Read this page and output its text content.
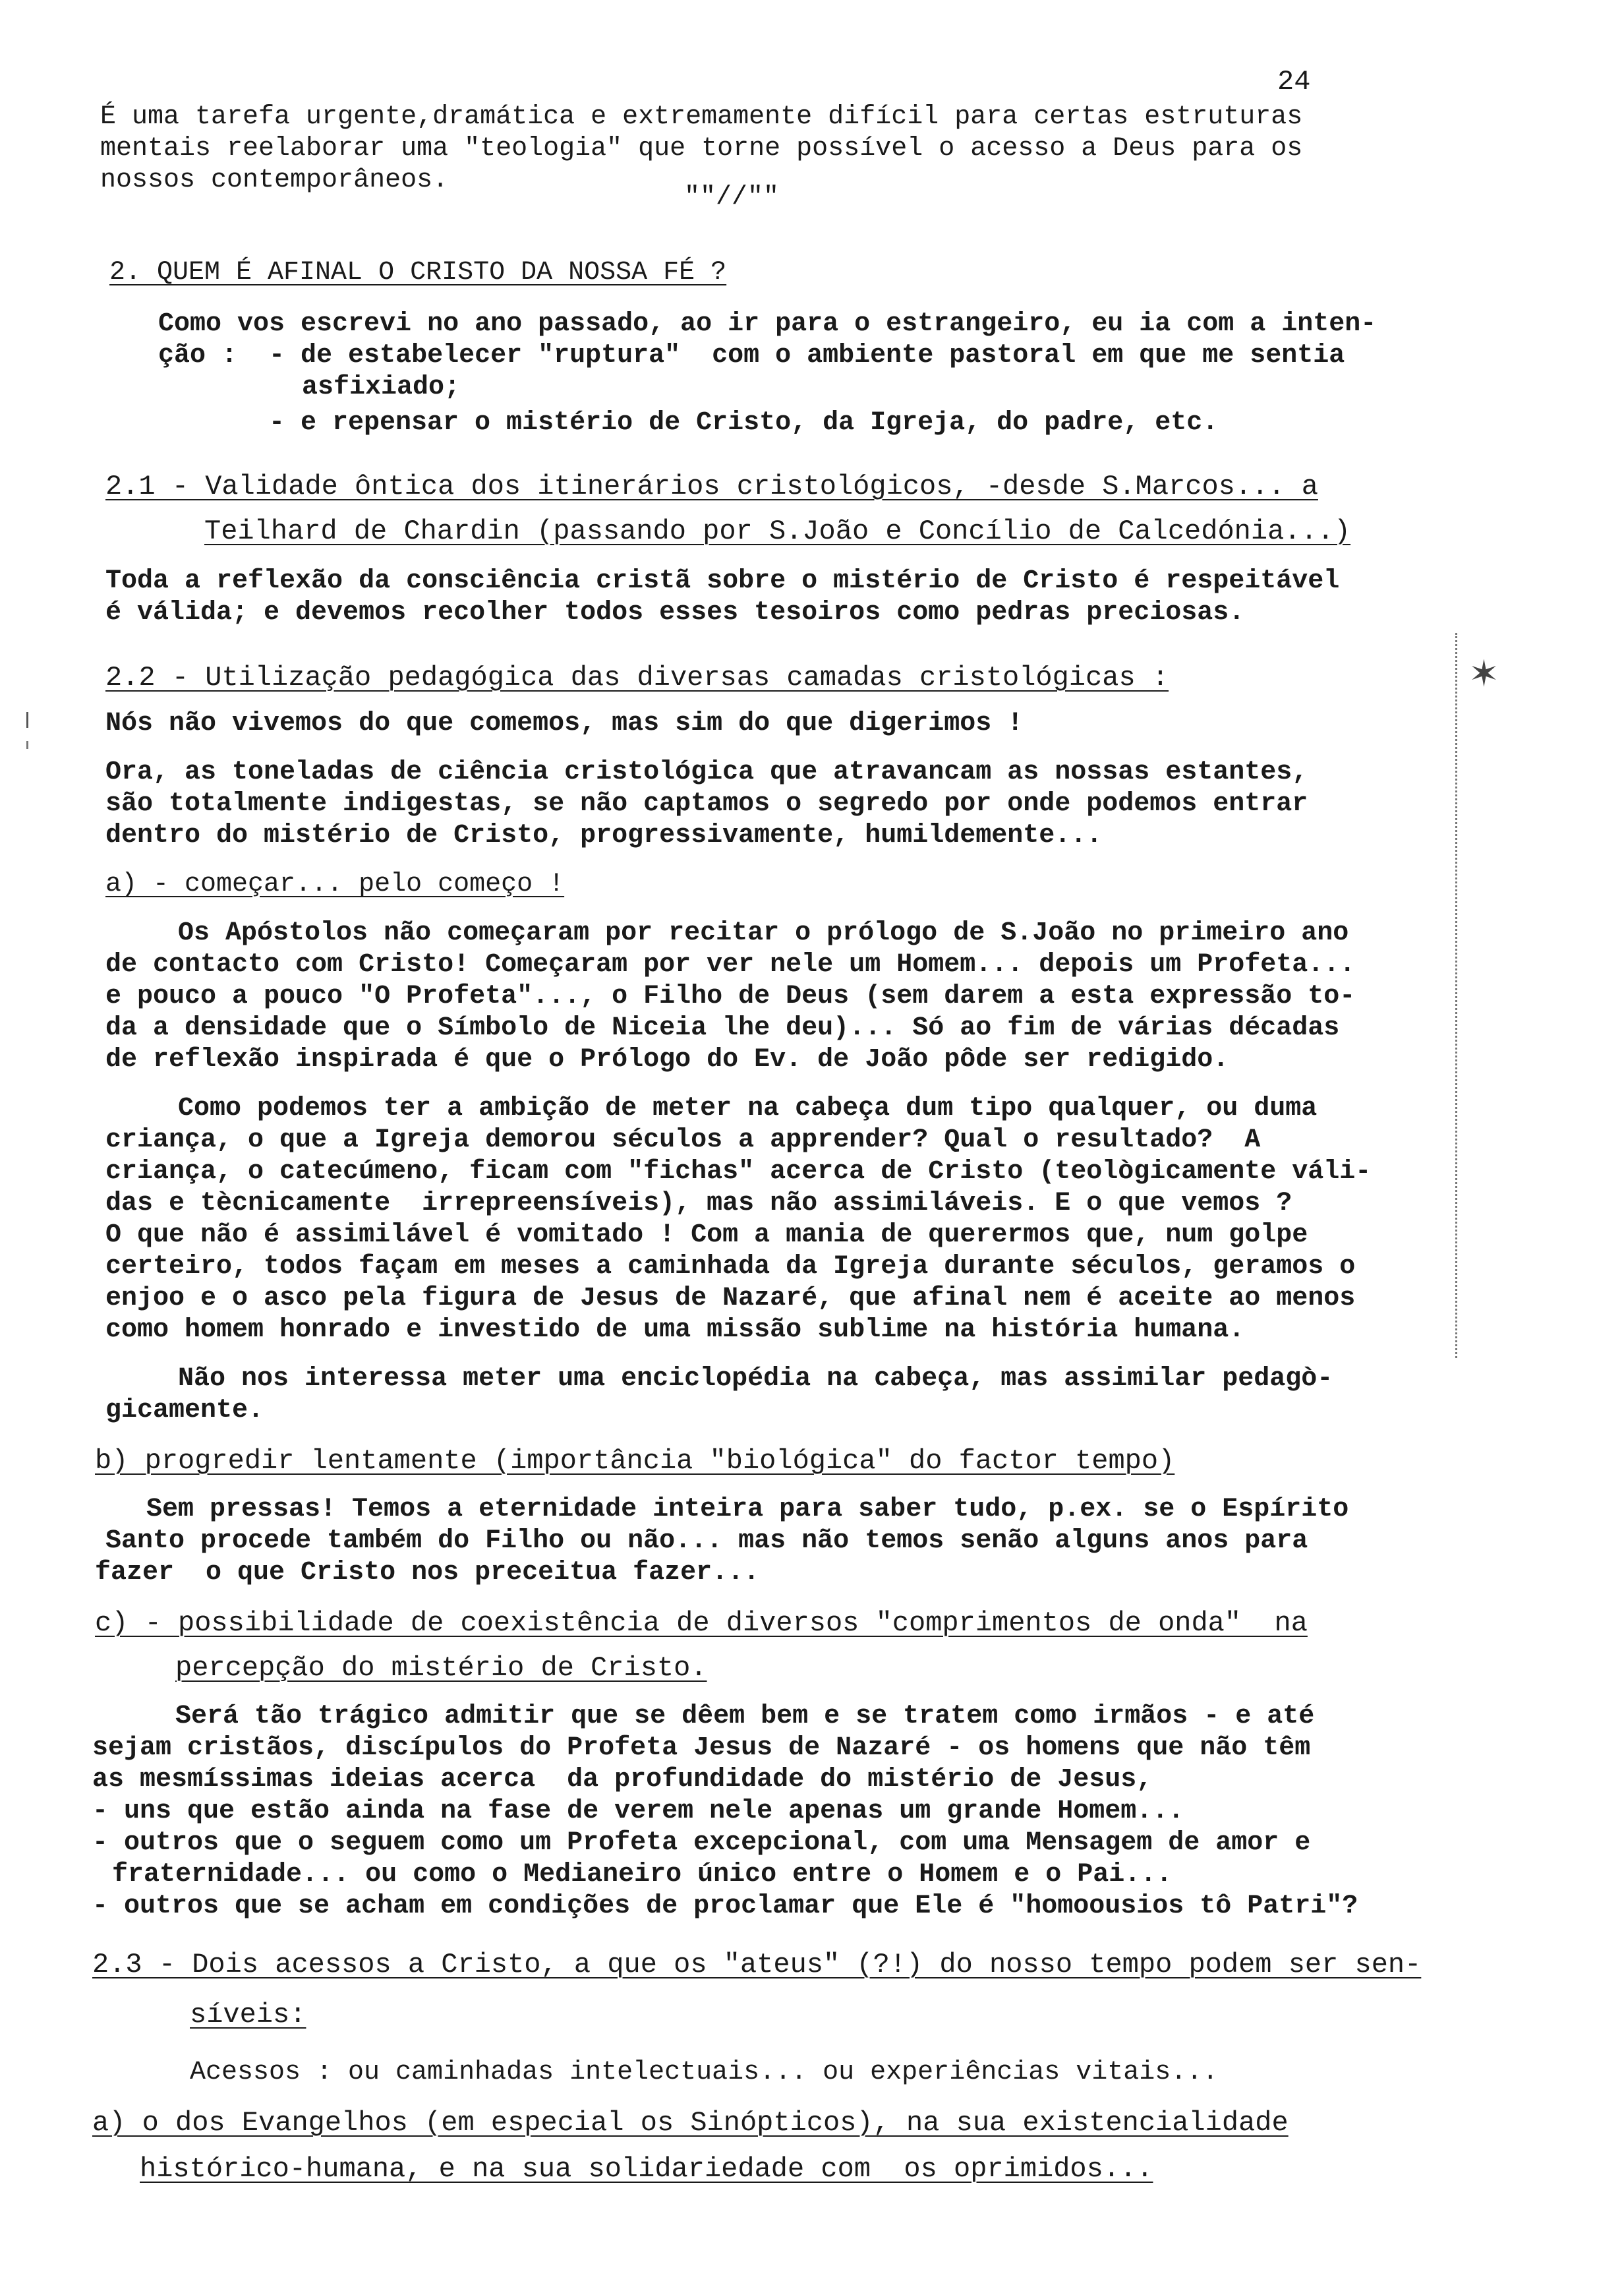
24
É uma tarefa urgente,dramática e extremamente difícil para certas estruturas
mentais reelaborar uma "teologia" que torne possível o acesso a Deus para os
nossos contemporâneos.
""//""
2. QUEM É AFINAL O CRISTO DA NOSSA FÉ ?
Como vos escrevi no ano passado, ao ir para o estrangeiro, eu ia com a inten-
ção :  - de estabelecer "ruptura"  com o ambiente pastoral em que me sentia
asfixiado;
- e repensar o mistério de Cristo, da Igreja, do padre, etc.
2.1 - Validade ôntica dos itinerários cristológicos, -desde S.Marcos... a
Teilhard de Chardin (passando por S.João e Concílio de Calcedónia...)
Toda a reflexão da consciência cristã sobre o mistério de Cristo é respeitável
é válida; e devemos recolher todos esses tesoiros como pedras preciosas.
2.2 - Utilização pedagógica das diversas camadas cristológicas :
Nós não vivemos do que comemos, mas sim do que digerimos !
Ora, as toneladas de ciência cristológica que atravancam as nossas estantes,
são totalmente indigestas, se não captamos o segredo por onde podemos entrar
dentro do mistério de Cristo, progressivamente, humildemente...
a) - começar... pelo começo !
Os Apóstolos não começaram por recitar o prólogo de S.João no primeiro ano
de contacto com Cristo! Começaram por ver nele um Homem... depois um Profeta...
e pouco a pouco "O Profeta"..., o Filho de Deus (sem darem a esta expressão to-
da a densidade que o Símbolo de Niceia lhe deu)... Só ao fim de várias décadas
de reflexão inspirada é que o Prólogo do Ev. de João pôde ser redigido.
Como podemos ter a ambição de meter na cabeça dum tipo qualquer, ou duma
criança, o que a Igreja demorou séculos a apprender? Qual o resultado?  A
criança, o catecúmeno, ficam com "fichas" acerca de Cristo (teològicamente váli-
das e tècnicamente  irrepreensíveis), mas não assimiláveis. E o que vemos ?
O que não é assimilável é vomitado ! Com a mania de querermos que, num golpe
certeiro, todos façam em meses a caminhada da Igreja durante séculos, geramos o
enjoo e o asco pela figura de Jesus de Nazaré, que afinal nem é aceite ao menos
como homem honrado e investido de uma missão sublime na história humana.
Não nos interessa meter uma enciclopédia na cabeça, mas assimilar pedagò-
gicamente.
b) progredir lentamente (importância "biológica" do factor tempo)
Sem pressas! Temos a eternidade inteira para saber tudo, p.ex. se o Espírito
Santo procede também do Filho ou não... mas não temos senão alguns anos para
fazer  o que Cristo nos preceitua fazer...
c) - possibilidade de coexistência de diversos "comprimentos de onda"  na
percepção do mistério de Cristo.
Será tão trágico admitir que se dêem bem e se tratem como irmãos - e até
sejam cristãos, discípulos do Profeta Jesus de Nazaré - os homens que não têm
as mesmíssimas ideias acerca  da profundidade do mistério de Jesus,
- uns que estão ainda na fase de verem nele apenas um grande Homem...
- outros que o seguem como um Profeta excepcional, com uma Mensagem de amor e
fraternidade... ou como o Medianeiro único entre o Homem e o Pai...
- outros que se acham em condições de proclamar que Ele é "homoousios tô Patri"?
2.3 - Dois acessos a Cristo, a que os "ateus" (?!) do nosso tempo podem ser sen-
síveis:
Acessos : ou caminhadas intelectuais... ou experiências vitais...
a) o dos Evangelhos (em especial os Sinópticos), na sua existencialidade
histórico-humana, e na sua solidariedade com  os oprimidos...
✶
